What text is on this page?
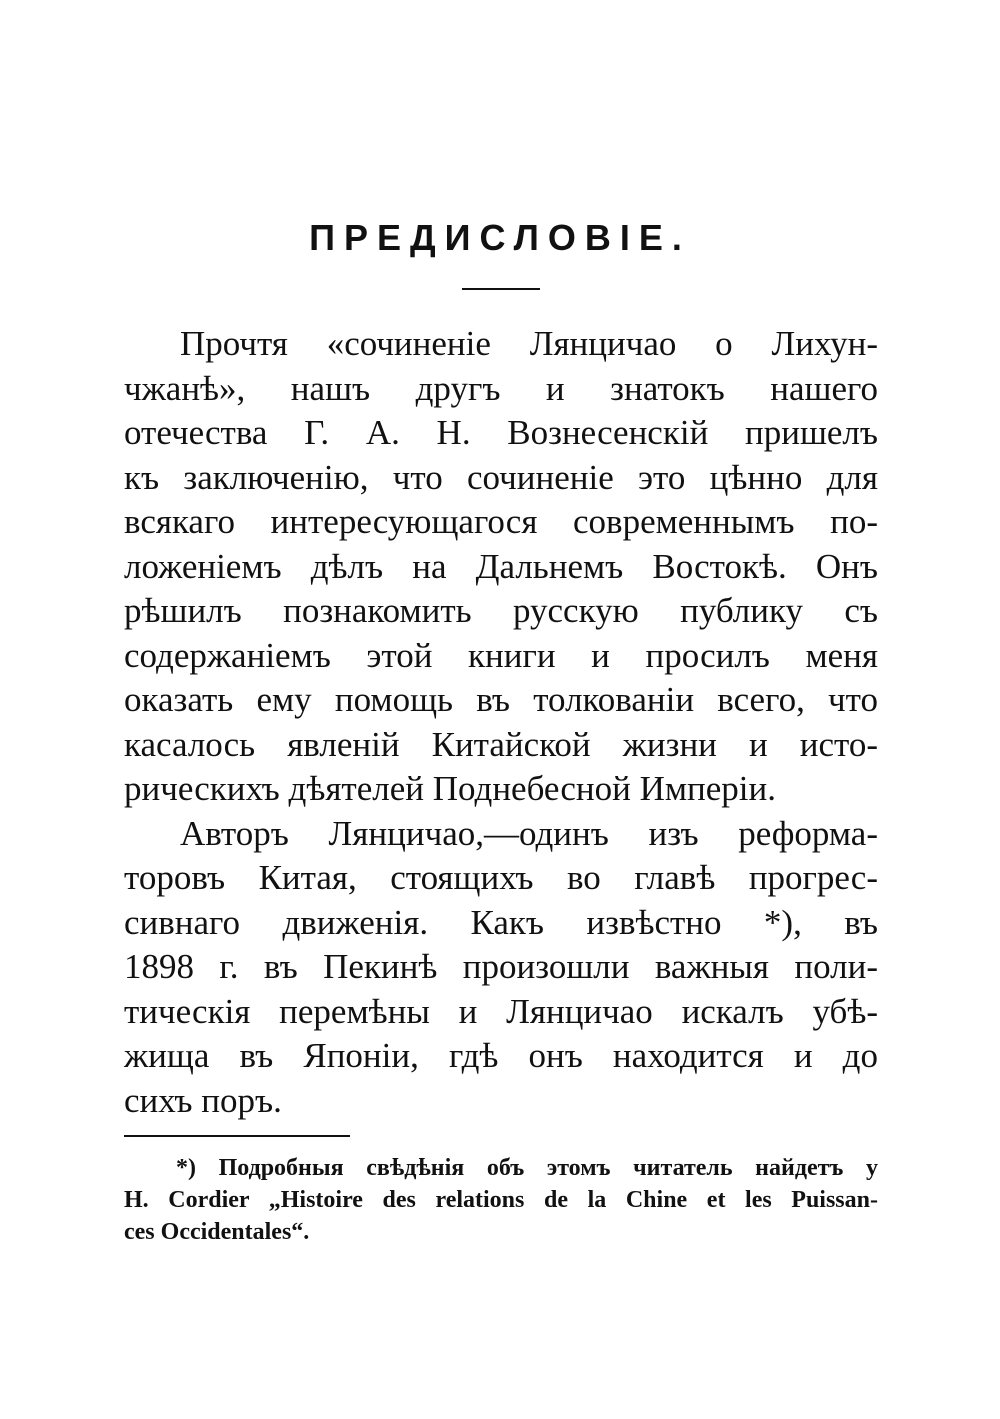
ПРЕДИСЛОВІЕ.
Прочтя «сочиненіе Лянцичао о Лихун-
чжанѣ», нашъ другъ и знатокъ нашего
отечества Г. А. Н. Вознесенскій пришелъ
къ заключенію, что сочиненіе это цѣнно для
всякаго интересующагося современнымъ по-
ложеніемъ дѣлъ на Дальнемъ Востокѣ. Онъ
рѣшилъ познакомить русскую публику съ
содержаніемъ этой книги и просилъ меня
оказать ему помощь въ толкованіи всего, что
касалось явленій Китайской жизни и исто-
рическихъ дѣятелей Поднебесной Имперіи.
Авторъ Лянцичао,—одинъ изъ реформа-
торовъ Китая, стоящихъ во главѣ прогрес-
сивнаго движенія. Какъ извѣстно *), въ
1898 г. въ Пекинѣ произошли важныя поли-
тическія перемѣны и Лянцичао искалъ убѣ-
жища въ Японіи, гдѣ онъ находится и до
сихъ поръ.
*) Подробныя свѣдѣнія объ этомъ читатель найдетъ у
H. Cordier „Histoire des relations de la Chine et les Puissan-
ces Occidentales“.
